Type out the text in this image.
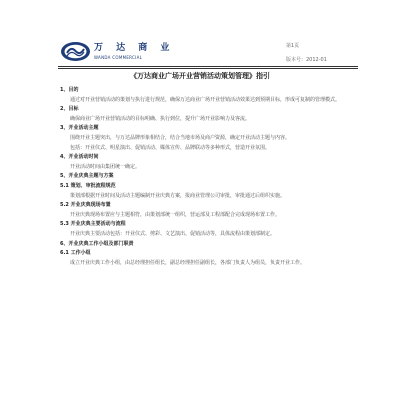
万 达 商 业
WANDA COMMERCIAL
第1页
版本号：2012-01
《万达商业广场开业营销活动策划管理》指引
1、目的
通过对开业营销活动的策划与执行进行规范，确保万达商业广场开业营销活动效果达到预期目标，形成可复制的管理模式。
2、目标
确保商业广场开业营销活动的目标明确、执行到位，提升广场开业影响力及客流。
3、开业活动主题
围绕开业主题突出，与万达品牌形象相结合，结合当地市场及商户资源，确定开业活动主题与内容。
包括：开业仪式、明星演出、促销活动、媒体宣传、品牌联动等多种形式，营造开业氛围。
4、开业活动时间
开业活动时间由集团统一确定。
5、开业庆典主题与方案
5.1 策划、审批流程规范
策划部根据开业时间及活动主题编制开业庆典方案，报商业管理公司审批，审批通过后组织实施。
5.2 开业庆典现场布置
开业庆典现场布置应与主题相符，由策划部统一组织，营运部及工程部配合完成现场布置工作。
5.3 开业庆典主要活动与流程
开业庆典主要活动包括：开业仪式、剪彩、文艺演出、促销活动等，具体流程由策划部制定。
6、开业庆典工作小组及部门职责
6.1 工作小组
成立开业庆典工作小组，由总经理担任组长，副总经理担任副组长，各部门负责人为组员，负责开业工作。
